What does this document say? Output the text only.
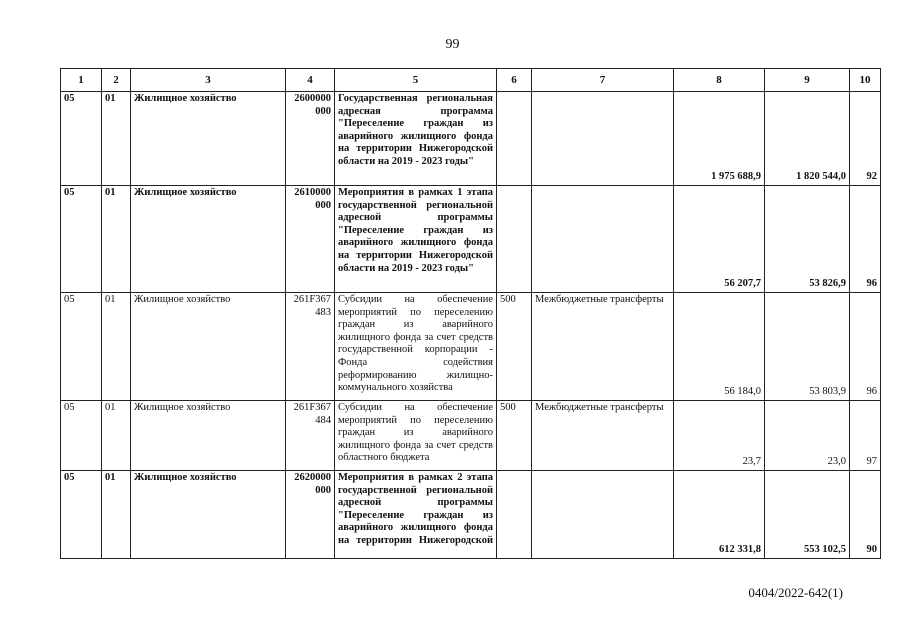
99
1	2	3	4	5	6	7	8	9	10
05	01	Жилищное хозяйство	2600000 000	Государственная региональная адресная программа "Переселение граждан из аварийного жилищного фонда на территории Нижегородской области на 2019 - 2023 годы"			1 975 688,9	1 820 544,0	92
05	01	Жилищное хозяйство	2610000 000	Мероприятия в рамках 1 этапа государственной региональной адресной программы "Переселение граждан из аварийного жилищного фонда на территории Нижегородской области на 2019 - 2023 годы"			56 207,7	53 826,9	96
05	01	Жилищное хозяйство	261F367 483	Субсидии на обеспечение мероприятий по переселению граждан из аварийного жилищного фонда за счет средств государственной корпорации - Фонда содействия реформированию жилищно-коммунального хозяйства	500	Межбюджетные трансферты	56 184,0	53 803,9	96
05	01	Жилищное хозяйство	261F367 484	Субсидии на обеспечение мероприятий по переселению граждан из аварийного жилищного фонда за счет средств областного бюджета	500	Межбюджетные трансферты	23,7	23,0	97
05	01	Жилищное хозяйство	2620000 000	Мероприятия в рамках 2 этапа государственной региональной адресной программы "Переселение граждан из аварийного жилищного фонда на территории Нижегородской			612 331,8	553 102,5	90
0404/2022-642(1)
